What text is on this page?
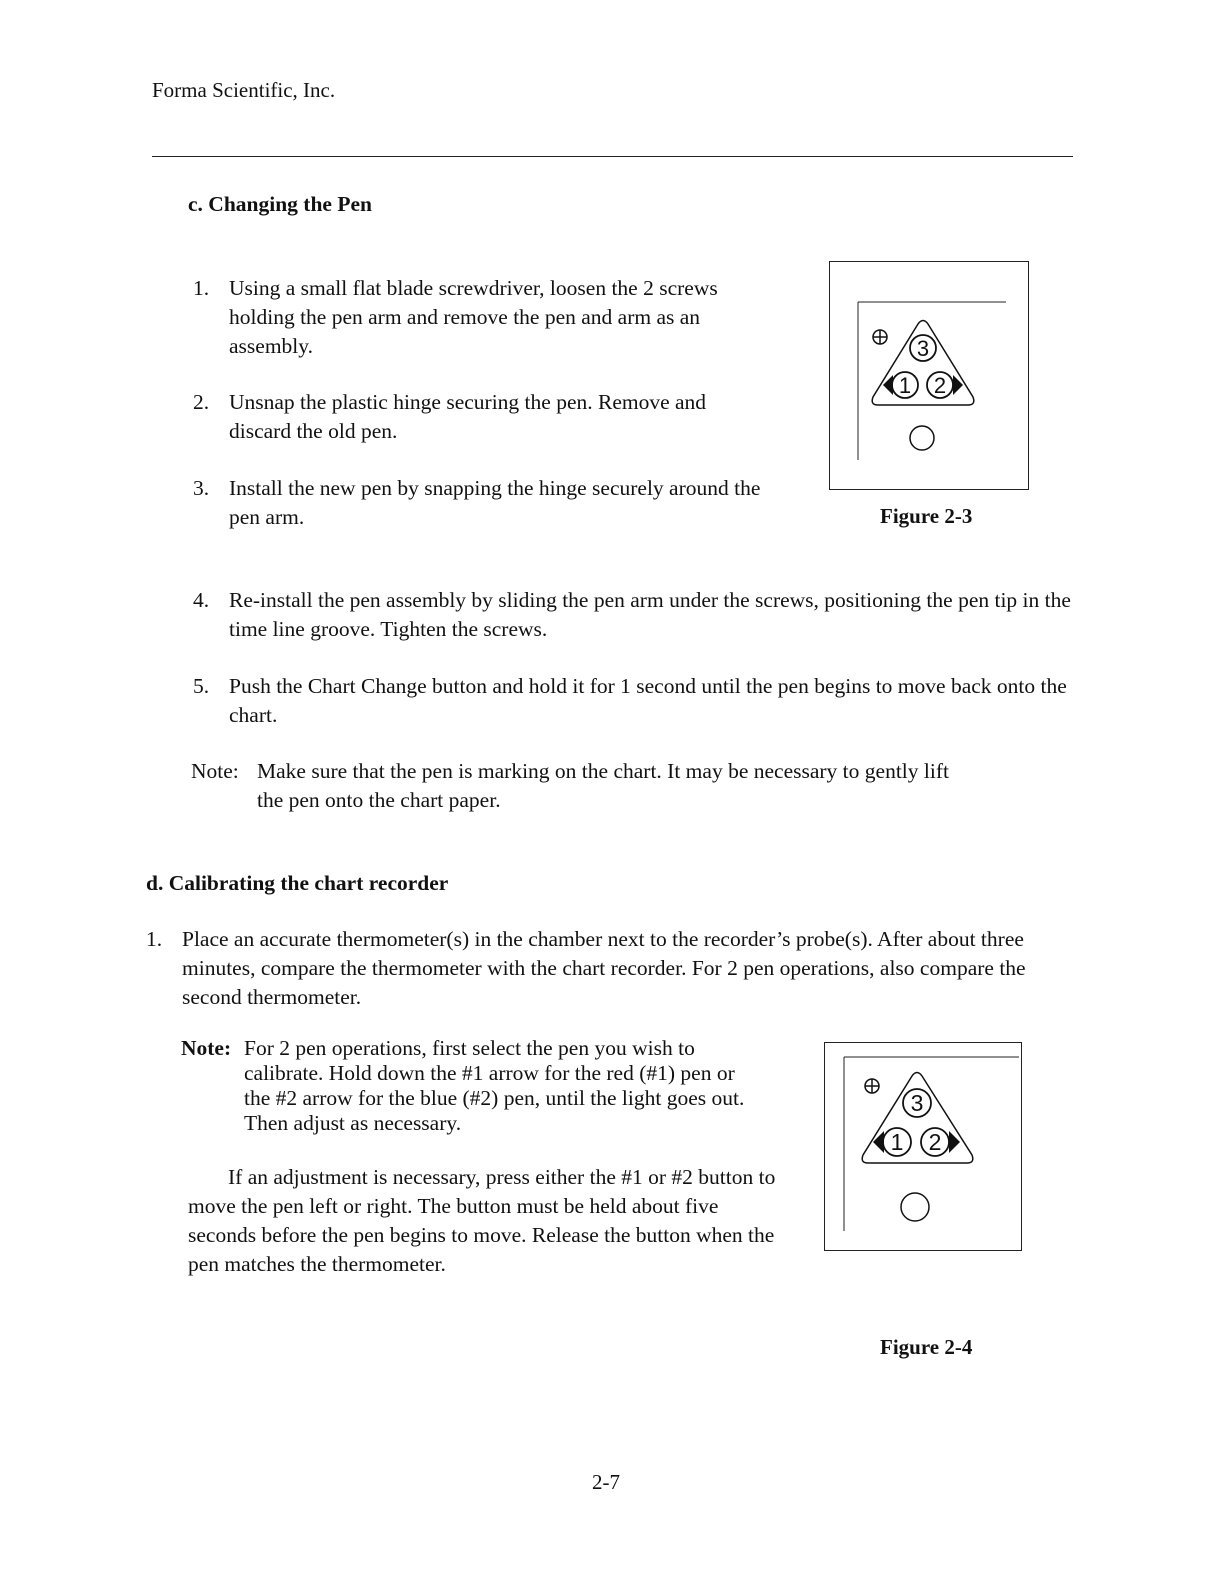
Forma Scientific, Inc.
c. Changing the Pen
1. Using a small flat blade screwdriver, loosen the 2 screws holding the pen arm and remove the pen and arm as an assembly.
2. Unsnap the plastic hinge securing the pen. Remove and discard the old pen.
3. Install the new pen by snapping the hinge securely around the pen arm.
3
1 2
Figure 2-3
4. Re-install the pen assembly by sliding the pen arm under the screws, positioning the pen tip in the time line groove. Tighten the screws.
5. Push the Chart Change button and hold it for 1 second until the pen begins to move back onto the chart.
Note: Make sure that the pen is marking on the chart. It may be necessary to gently lift the pen onto the chart paper.
d. Calibrating the chart recorder
1. Place an accurate thermometer(s) in the chamber next to the recorder’s probe(s). After about three minutes, compare the thermometer with the chart recorder. For 2 pen operations, also compare the second thermometer.
Note: For 2 pen operations, first select the pen you wish to calibrate. Hold down the #1 arrow for the red (#1) pen or the #2 arrow for the blue (#2) pen, until the light goes out. Then adjust as necessary.
If an adjustment is necessary, press either the #1 or #2 button to move the pen left or right. The button must be held about five seconds before the pen begins to move. Release the button when the pen matches the thermometer.
3
1 2
Figure 2-4
2-7
